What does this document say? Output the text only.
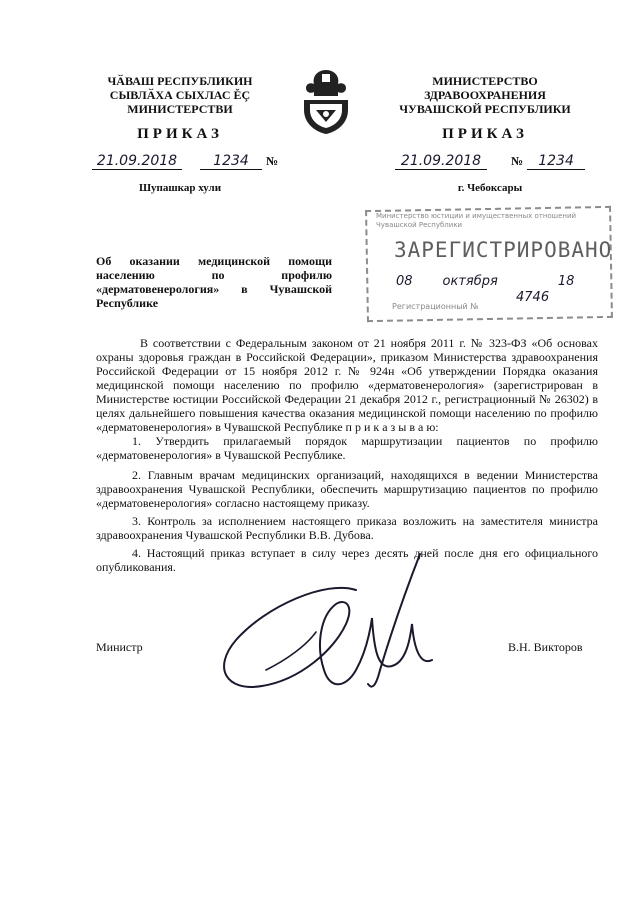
ЧӐВАШ РЕСПУБЛИКИН
СЫВЛӐХА СЫХЛАС ĔÇ
МИНИСТЕРСТВИ
МИНИСТЕРСТВО
ЗДРАВООХРАНЕНИЯ
ЧУВАШСКОЙ РЕСПУБЛИКИ
ПРИКАЗ	ПРИКАЗ
21.09.2018	1234 №	21.09.2018 № 1234
Шупашкар хули	г. Чебоксары
Министерство юстиции и имущественных отношений Чувашской Республики
ЗАРЕГИСТРИРОВАНО
08 октября	18
Регистрационный №
4746
Об оказании медицинской помощи
населению по профилю
«дерматовенерология» в Чувашской
Республике

В соответствии с Федеральным законом от 21 ноября 2011 г. № 323-ФЗ «Об основах охраны здоровья граждан в Российской Федерации», приказом Министерства здравоохранения Российской Федерации от 15 ноября 2012 г. № 924н «Об утверждении Порядка оказания медицинской помощи населению по профилю «дерматовенерология» (зарегистрирован в Министерстве юстиции Российской Федерации 21 декабря 2012 г., регистрационный № 26302) в целях дальнейшего повышения качества оказания медицинской помощи населению по профилю «дерматовенерология» в Чувашской Республике п р и к а з ы в а ю:

1. Утвердить прилагаемый порядок маршрутизации пациентов по профилю «дерматовенерология» в Чувашской Республике.

2. Главным врачам медицинских организаций, находящихся в ведении Министерства здравоохранения Чувашской Республики, обеспечить маршрутизацию пациентов по профилю «дерматовенерология» согласно настоящему приказу.

3. Контроль за исполнением настоящего приказа возложить на заместителя министра здравоохранения Чувашской Республики В.В. Дубова.

4. Настоящий приказ вступает в силу через десять дней после дня его официального опубликования.

Министр	В.Н. Викторов
